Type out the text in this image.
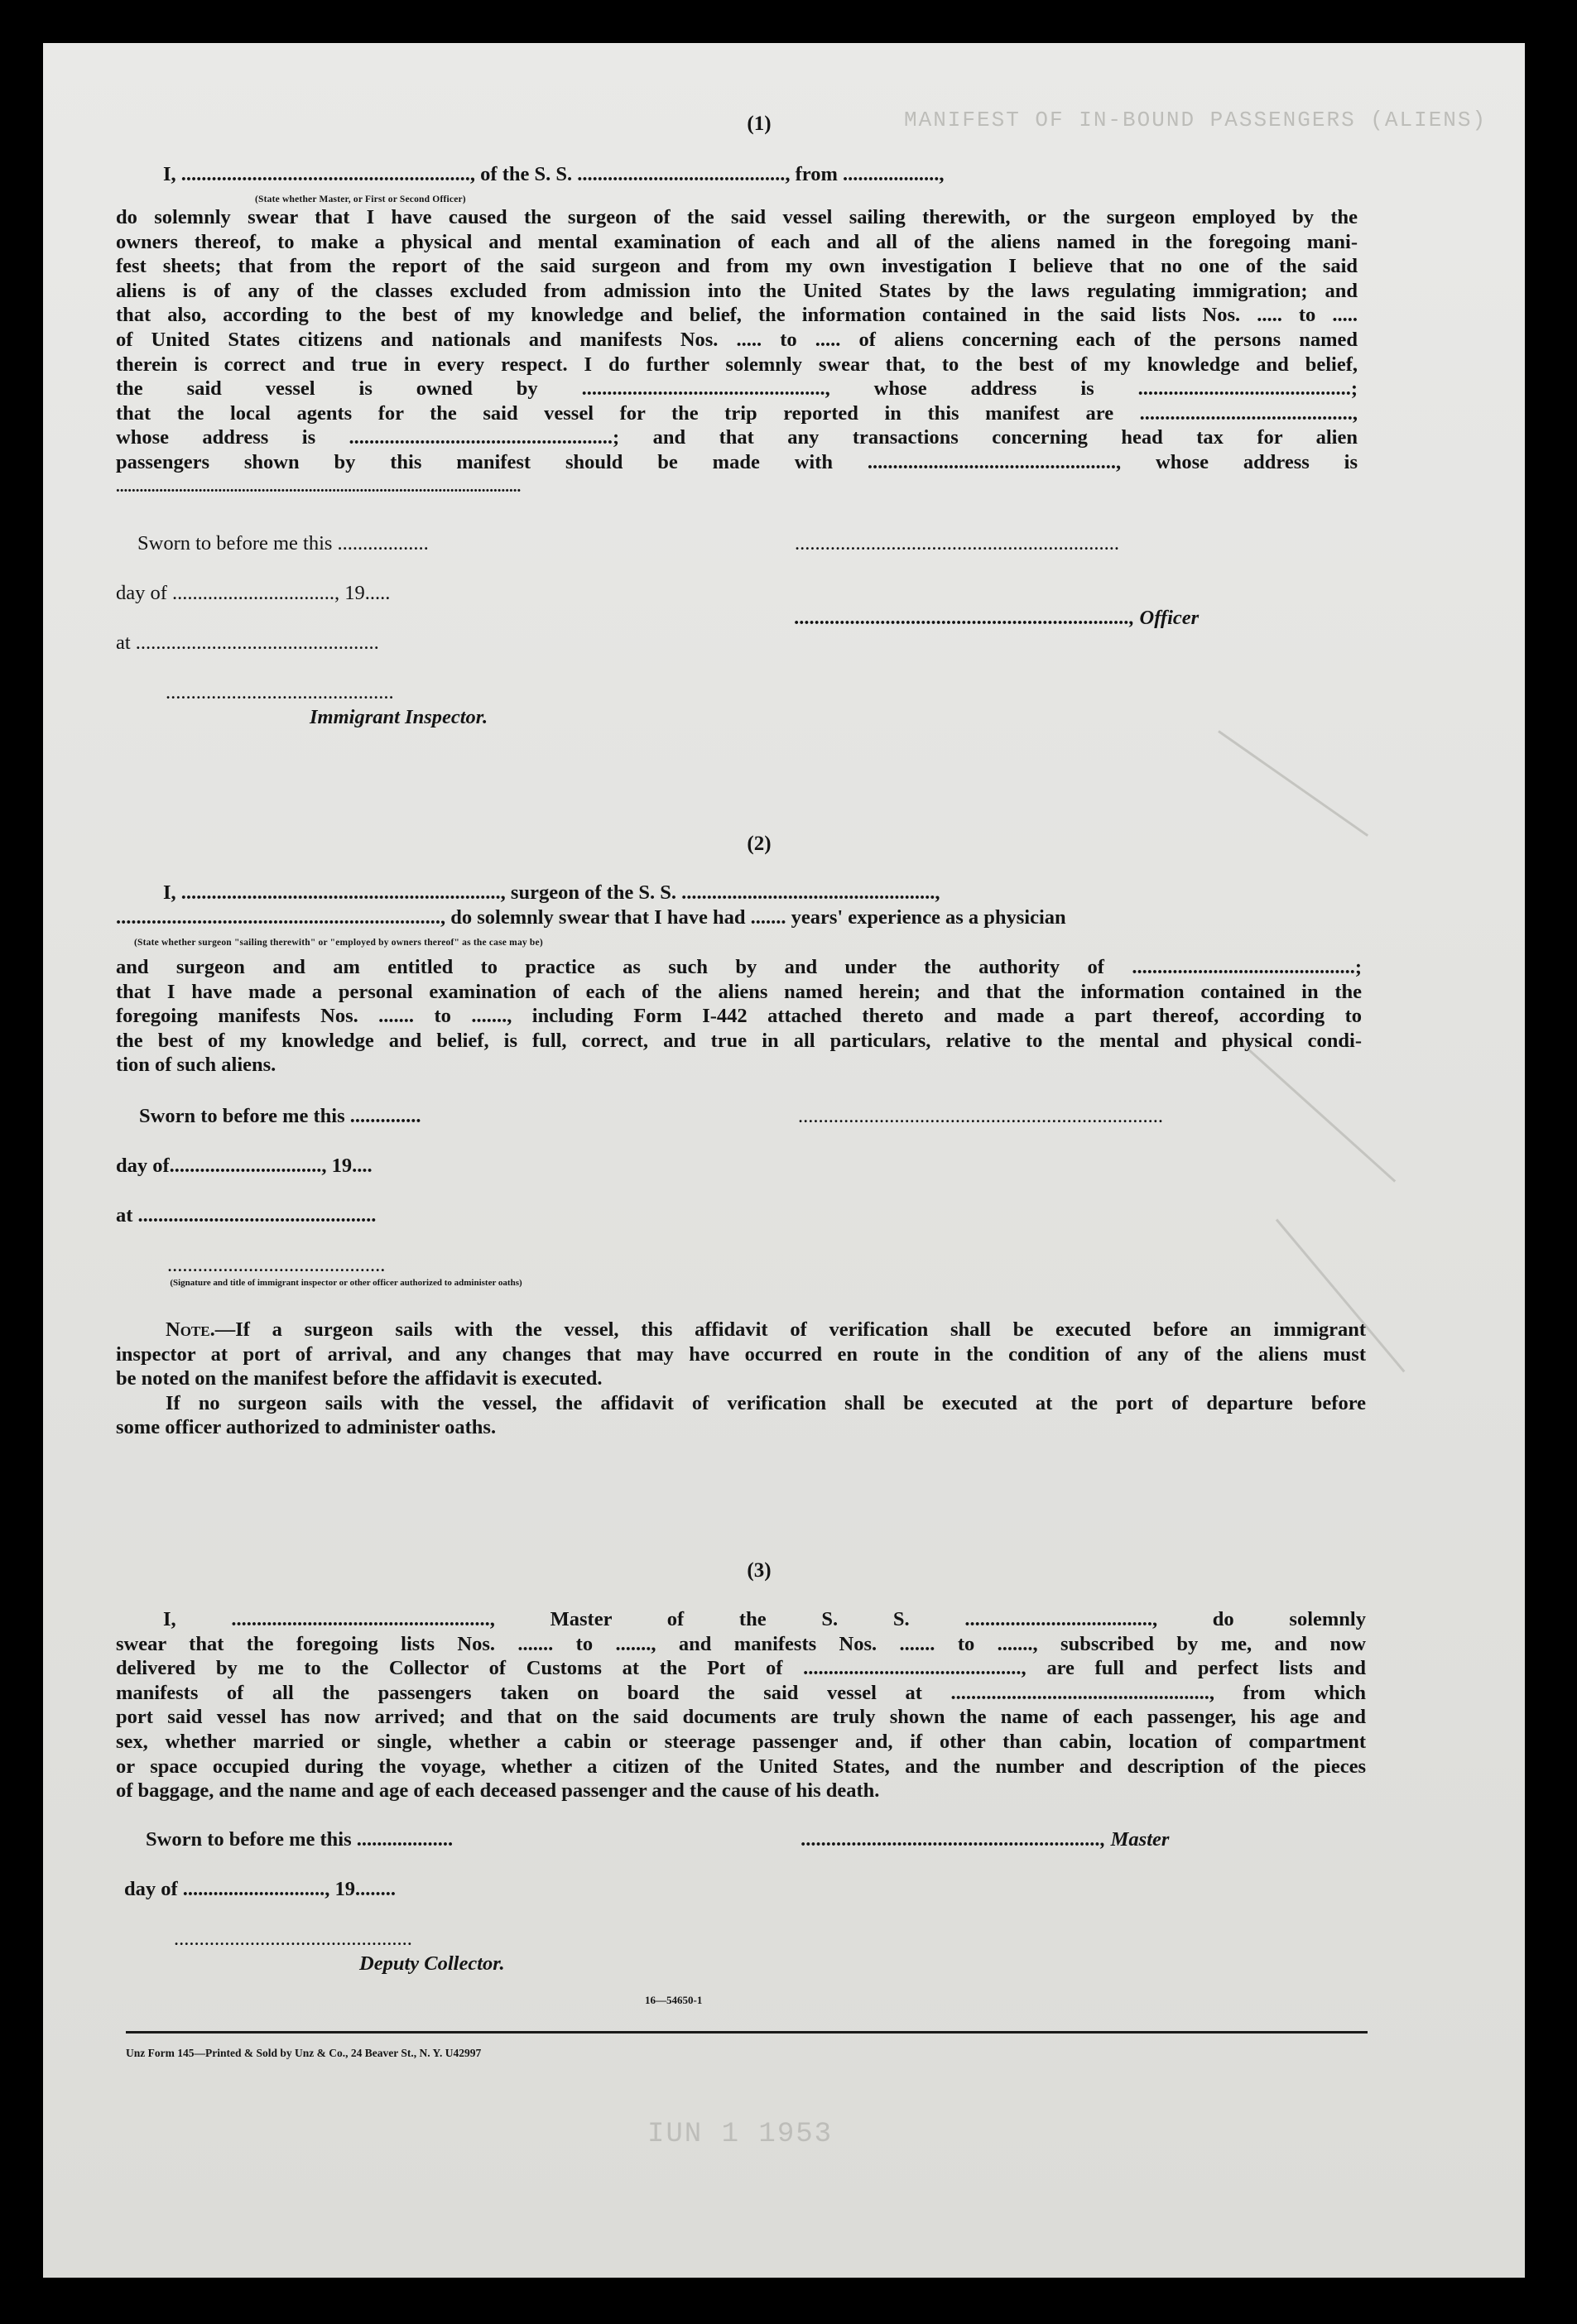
MANIFEST OF IN-BOUND PASSENGERS (ALIENS)
IUN 1 1953
(1)
I, ........................................................., of the S. S. ........................................., from ...................,
(State whether Master, or First or Second Officer)
do solemnly swear that I have caused the surgeon of the said vessel sailing therewith, or the surgeon employed by the
owners thereof, to make a physical and mental examination of each and all of the aliens named in the foregoing mani-
fest sheets; that from the report of the said surgeon and from my own investigation I believe that no one of the said
aliens is of any of the classes excluded from admission into the United States by the laws regulating immigration; and
that also, according to the best of my knowledge and belief, the information contained in the said lists Nos. ..... to .....
of United States citizens and nationals and manifests Nos. ..... to ..... of aliens concerning each of the persons named
therein is correct and true in every respect. I do further solemnly swear that, to the best of my knowledge and belief,
the said vessel is owned by ................................................, whose address is ..........................................;
that the local agents for the said vessel for the trip reported in this manifest are ..........................................,
whose address is ....................................................; and that any transactions concerning head tax for alien
passengers shown by this manifest should be made with ................................................., whose address is
.......................................................................................................
Sworn to before me this ..................	................................................................
day of ................................, 19.....
.................................................................., Officer
at ................................................
.............................................
Immigrant Inspector.
(2)
I, ..............................................................., surgeon of the S. S. ..................................................,
................................................................, do solemnly swear that I have had ....... years' experience as a physician
(State whether surgeon "sailing therewith" or "employed by owners thereof" as the case may be)
and surgeon and am entitled to practice as such by and under the authority of ............................................;
that I have made a personal examination of each of the aliens named herein; and that the information contained in the
foregoing manifests Nos. ....... to ......., including Form I-442 attached thereto and made a part thereof, according to
the best of my knowledge and belief, is full, correct, and true in all particulars, relative to the mental and physical condi-
tion of such aliens.
Sworn to before me this ..............	........................................................................
day of.............................., 19....
at ...............................................
...........................................
(Signature and title of immigrant inspector or other officer authorized to administer oaths)
Note.—If a surgeon sails with the vessel, this affidavit of verification shall be executed before an immigrant
inspector at port of arrival, and any changes that may have occurred en route in the condition of any of the aliens must
be noted on the manifest before the affidavit is executed.
If no surgeon sails with the vessel, the affidavit of verification shall be executed at the port of departure before
some officer authorized to administer oaths.
(3)
I, ..................................................., Master of the S. S. ....................................., do solemnly
swear that the foregoing lists Nos. ....... to ......., and manifests Nos. ....... to ......., subscribed by me, and now
delivered by me to the Collector of Customs at the Port of ..........................................., are full and perfect lists and
manifests of all the passengers taken on board the said vessel at ..................................................., from which
port said vessel has now arrived; and that on the said documents are truly shown the name of each passenger, his age and
sex, whether married or single, whether a cabin or steerage passenger and, if other than cabin, location of compartment
or space occupied during the voyage, whether a citizen of the United States, and the number and description of the pieces
of baggage, and the name and age of each deceased passenger and the cause of his death.
Sworn to before me this ...................	..........................................................., Master
day of ............................, 19........
...............................................
Deputy Collector.
16—54650-1
Unz Form 145—Printed & Sold by Unz & Co., 24 Beaver St., N. Y. U42997
